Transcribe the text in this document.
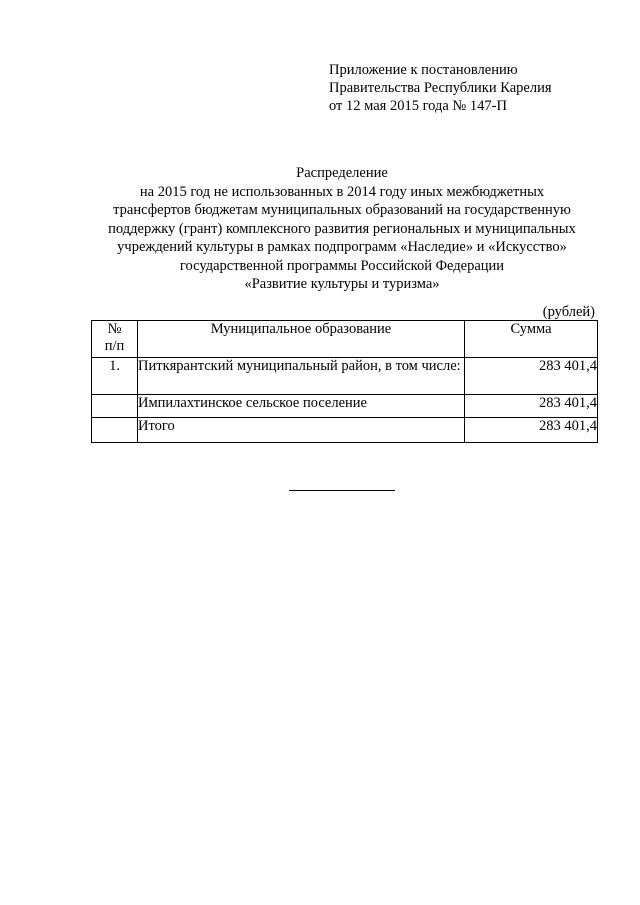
Приложение к постановлению
Правительства Республики Карелия
от 12 мая 2015 года № 147-П
Распределение
на 2015 год не использованных в 2014 году иных межбюджетных
трансфертов бюджетам муниципальных образований на государственную
поддержку (грант) комплексного развития региональных и муниципальных
учреждений культуры в рамках подпрограмм «Наследие» и «Искусство»
государственной программы Российской Федерации
«Развитие культуры и туризма»
(рублей)
№
п/п	Муниципальное образование	Сумма
1.	Питкярантский муниципальный район, в том числе:	283 401,4
	Импилахтинское сельское поселение	283 401,4
	Итого	283 401,4
